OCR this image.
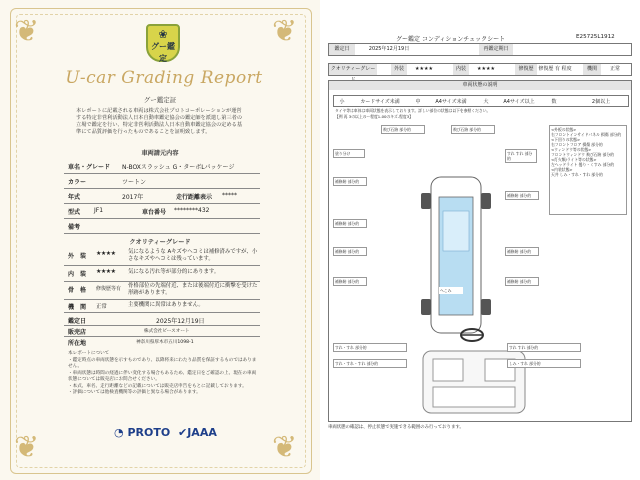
❦	❦
❦	❦
❀
グー鑑定
U-car Grading Report
グー鑑定証
本レポートに記載される車両は株式会社プロトコーポレーションが運営する特定非営利活動法人日本自動車鑑定協会の鑑定師を派遣し第三者の立場で鑑定を行い、特定非営利活動法人日本自動車鑑定協会の定める基準にて品質評価を行ったものであることを証明致します。
車両請元内容
車名・グレード N-BOXスラッシュ G・ターボLパッケージ
カラー	ツートン
年式	2017年	走行距離表示 *****
型式 JF1	車台番号 ********432
備考
クオリティーグレード
外　装 ★★★★ 気になるような Aキズやヘコミは補修済みですが、小さなキズやヘコミは残っています。
内　装 ★★★★ 気になる汚れ等が部分的にあります。
骨　格 修復歴等有 骨格部位の先端付近、または後端付近に衝撃を受けた形跡があります。
機　関 正常	主要機関に異常はありません。
鑑定日	2025年12月19日
販売店	株式会社ビースオート
所在地	神奈川県厚木市五川1098-1
本レポートについて
・鑑定時点の車両状態を示すものであり、以降将来にわたり品質を保証するものではありません。
・車両状態は時間の経過に伴い変化する場合もあるため、鑑定日をご確認の上、現在の車両状態については販売店にお問合せください。
・本式、車名、走行距離などの記載については販売店申告をもとに記載しております。
・評価については他検査機関等の評価と異なる場合があります。
◔ PROTO ✔JAAA
グー鑑定 コンディションチェックシート	E25725L1912
鑑定日	2025年12月19日	再鑑定期日
クオリティーグレー	外装	★★★★	内装	★★★★	修復歴 修復歴 有 程度	機関	正常
車両状態の説明
小	カードサイズ未満	中	A4サイズ未満	大	A4サイズ以上	数	2個以上
タイヤ等は車体は車両状態を表示しております。詳しい部位の状態は以下を参照ください。
【例 再 3の以上のー程度1-00のキズ-程度3】
飛び石跡 部分的	飛び石跡 部分的	<外板の状態>
右フロントインサイドパネル 損傷 部分的
<下回りの状態>
右フロントフロア 損傷 部分的
<ウィンドウ等の状態>
フロントウィンドウ 飛び石跡 部分的
<灯火類/ライト等の状態>
左ヘッドライト 曇り・くすみ 部分的
<内装状態>
天井 しみ・すれ・すれ 部分的
塗り分け
補修跡 部分的
補修跡 部分的
補修跡 部分的
補修跡 部分的
すれ すれ 部分的
補修跡 部分的
補修跡 部分的
補修跡 部分的
へこみ
すれ・すれ 部分的
すれ・すれ・すれ 部分的
すれ すれ 部分的
しみ・すれ 部分的
車両状態の確認は、停止状態で実施できる範囲のみ行っております。
